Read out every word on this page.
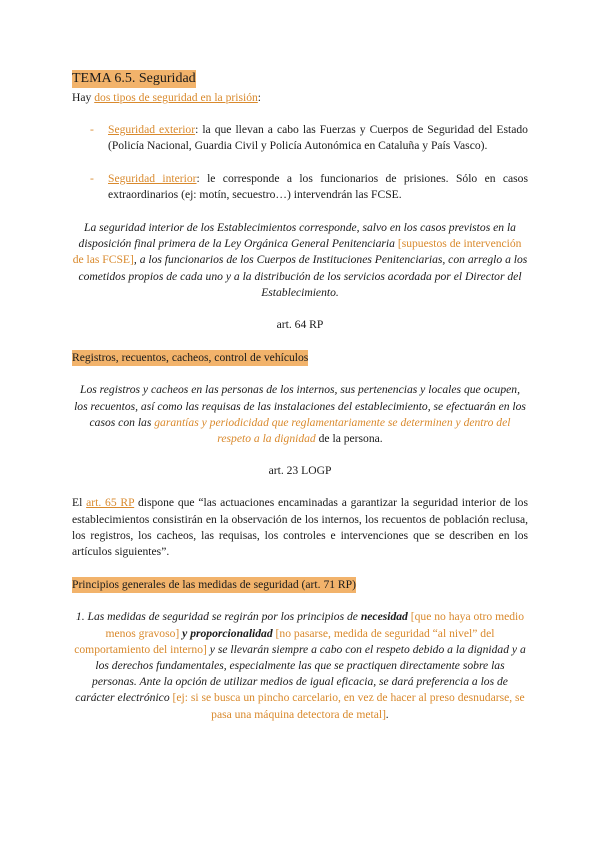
TEMA 6.5. Seguridad

Hay dos tipos de seguridad en la prisión:

- Seguridad exterior: la que llevan a cabo las Fuerzas y Cuerpos de Seguridad del Estado (Policía Nacional, Guardia Civil y Policía Autonómica en Cataluña y País Vasco).
- Seguridad interior: le corresponde a los funcionarios de prisiones. Sólo en casos extraordinarios (ej: motín, secuestro…) intervendrán las FCSE.

La seguridad interior de los Establecimientos corresponde, salvo en los casos previstos en la disposición final primera de la Ley Orgánica General Penitenciaria [supuestos de intervención de las FCSE], a los funcionarios de los Cuerpos de Instituciones Penitenciarias, con arreglo a los cometidos propios de cada uno y a la distribución de los servicios acordada por el Director del Establecimiento.

art. 64 RP

Registros, recuentos, cacheos, control de vehículos

Los registros y cacheos en las personas de los internos, sus pertenencias y locales que ocupen, los recuentos, así como las requisas de las instalaciones del establecimiento, se efectuarán en los casos con las garantías y periodicidad que reglamentariamente se determinen y dentro del respeto a la dignidad de la persona.

art. 23 LOGP

El art. 65 RP dispone que “las actuaciones encaminadas a garantizar la seguridad interior de los establecimientos consistirán en la observación de los internos, los recuentos de población reclusa, los registros, los cacheos, las requisas, los controles e intervenciones que se describen en los artículos siguientes”.

Principios generales de las medidas de seguridad (art. 71 RP)

1. Las medidas de seguridad se regirán por los principios de necesidad [que no haya otro medio menos gravoso] y proporcionalidad [no pasarse, medida de seguridad “al nivel” del comportamiento del interno] y se llevarán siempre a cabo con el respeto debido a la dignidad y a los derechos fundamentales, especialmente las que se practiquen directamente sobre las personas. Ante la opción de utilizar medios de igual eficacia, se dará preferencia a los de carácter electrónico [ej: si se busca un pincho carcelario, en vez de hacer al preso desnudarse, se pasa una máquina detectora de metal].
